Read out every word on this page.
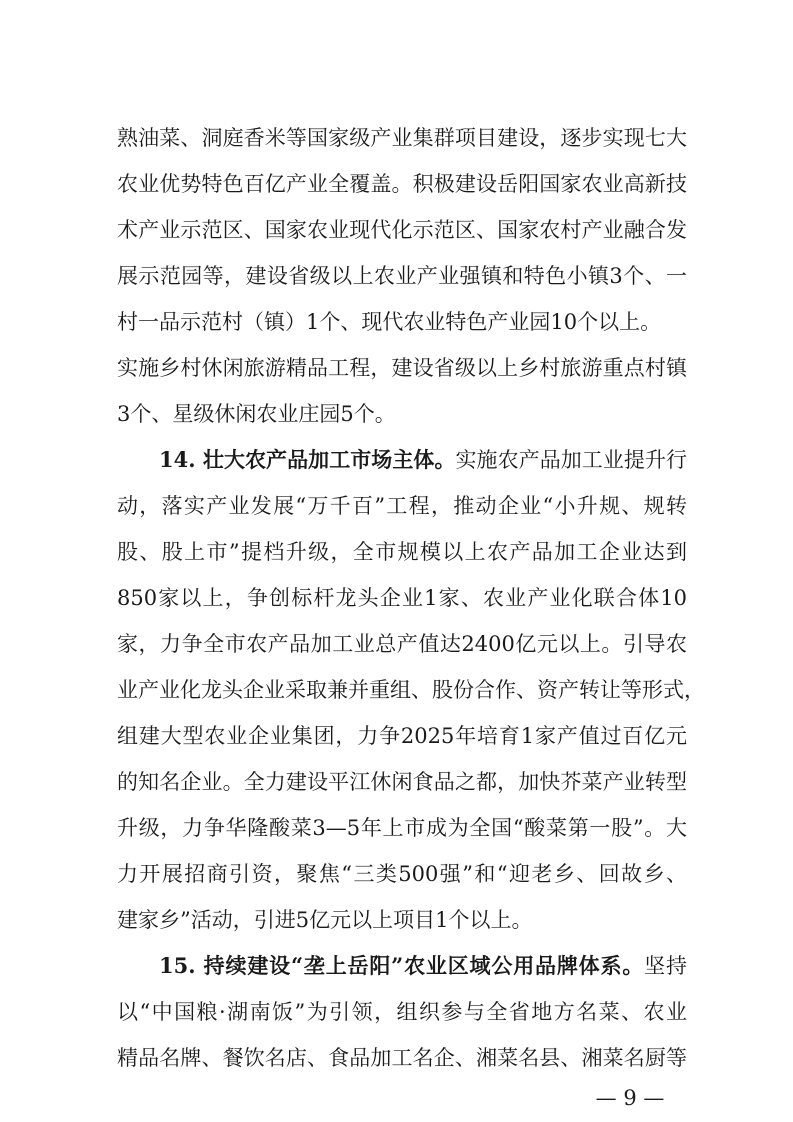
熟油菜、洞庭香米等国家级产业集群项目建设，逐步实现七大
农业优势特色百亿产业全覆盖。积极建设岳阳国家农业高新技
术产业示范区、国家农业现代化示范区、国家农村产业融合发
展示范园等，建设省级以上农业产业强镇和特色小镇3个、一
村一品示范村（镇）1个、现代农业特色产业园10个以上。
实施乡村休闲旅游精品工程，建设省级以上乡村旅游重点村镇
3个、星级休闲农业庄园5个。
14. 壮大农产品加工市场主体。实施农产品加工业提升行
动，落实产业发展“万千百”工程，推动企业“小升规、规转
股、股上市”提档升级，全市规模以上农产品加工企业达到
850家以上，争创标杆龙头企业1家、农业产业化联合体10
家，力争全市农产品加工业总产值达2400亿元以上。引导农
业产业化龙头企业采取兼并重组、股份合作、资产转让等形式，
组建大型农业企业集团，力争2025年培育1家产值过百亿元
的知名企业。全力建设平江休闲食品之都，加快芥菜产业转型
升级，力争华隆酸菜3—5年上市成为全国“酸菜第一股”。大
力开展招商引资，聚焦“三类500强”和“迎老乡、回故乡、
建家乡”活动，引进5亿元以上项目1个以上。
15. 持续建设“垄上岳阳”农业区域公用品牌体系。坚持
以“中国粮·湖南饭”为引领，组织参与全省地方名菜、农业
精品名牌、餐饮名店、食品加工名企、湘菜名县、湘菜名厨等
— 9 —
